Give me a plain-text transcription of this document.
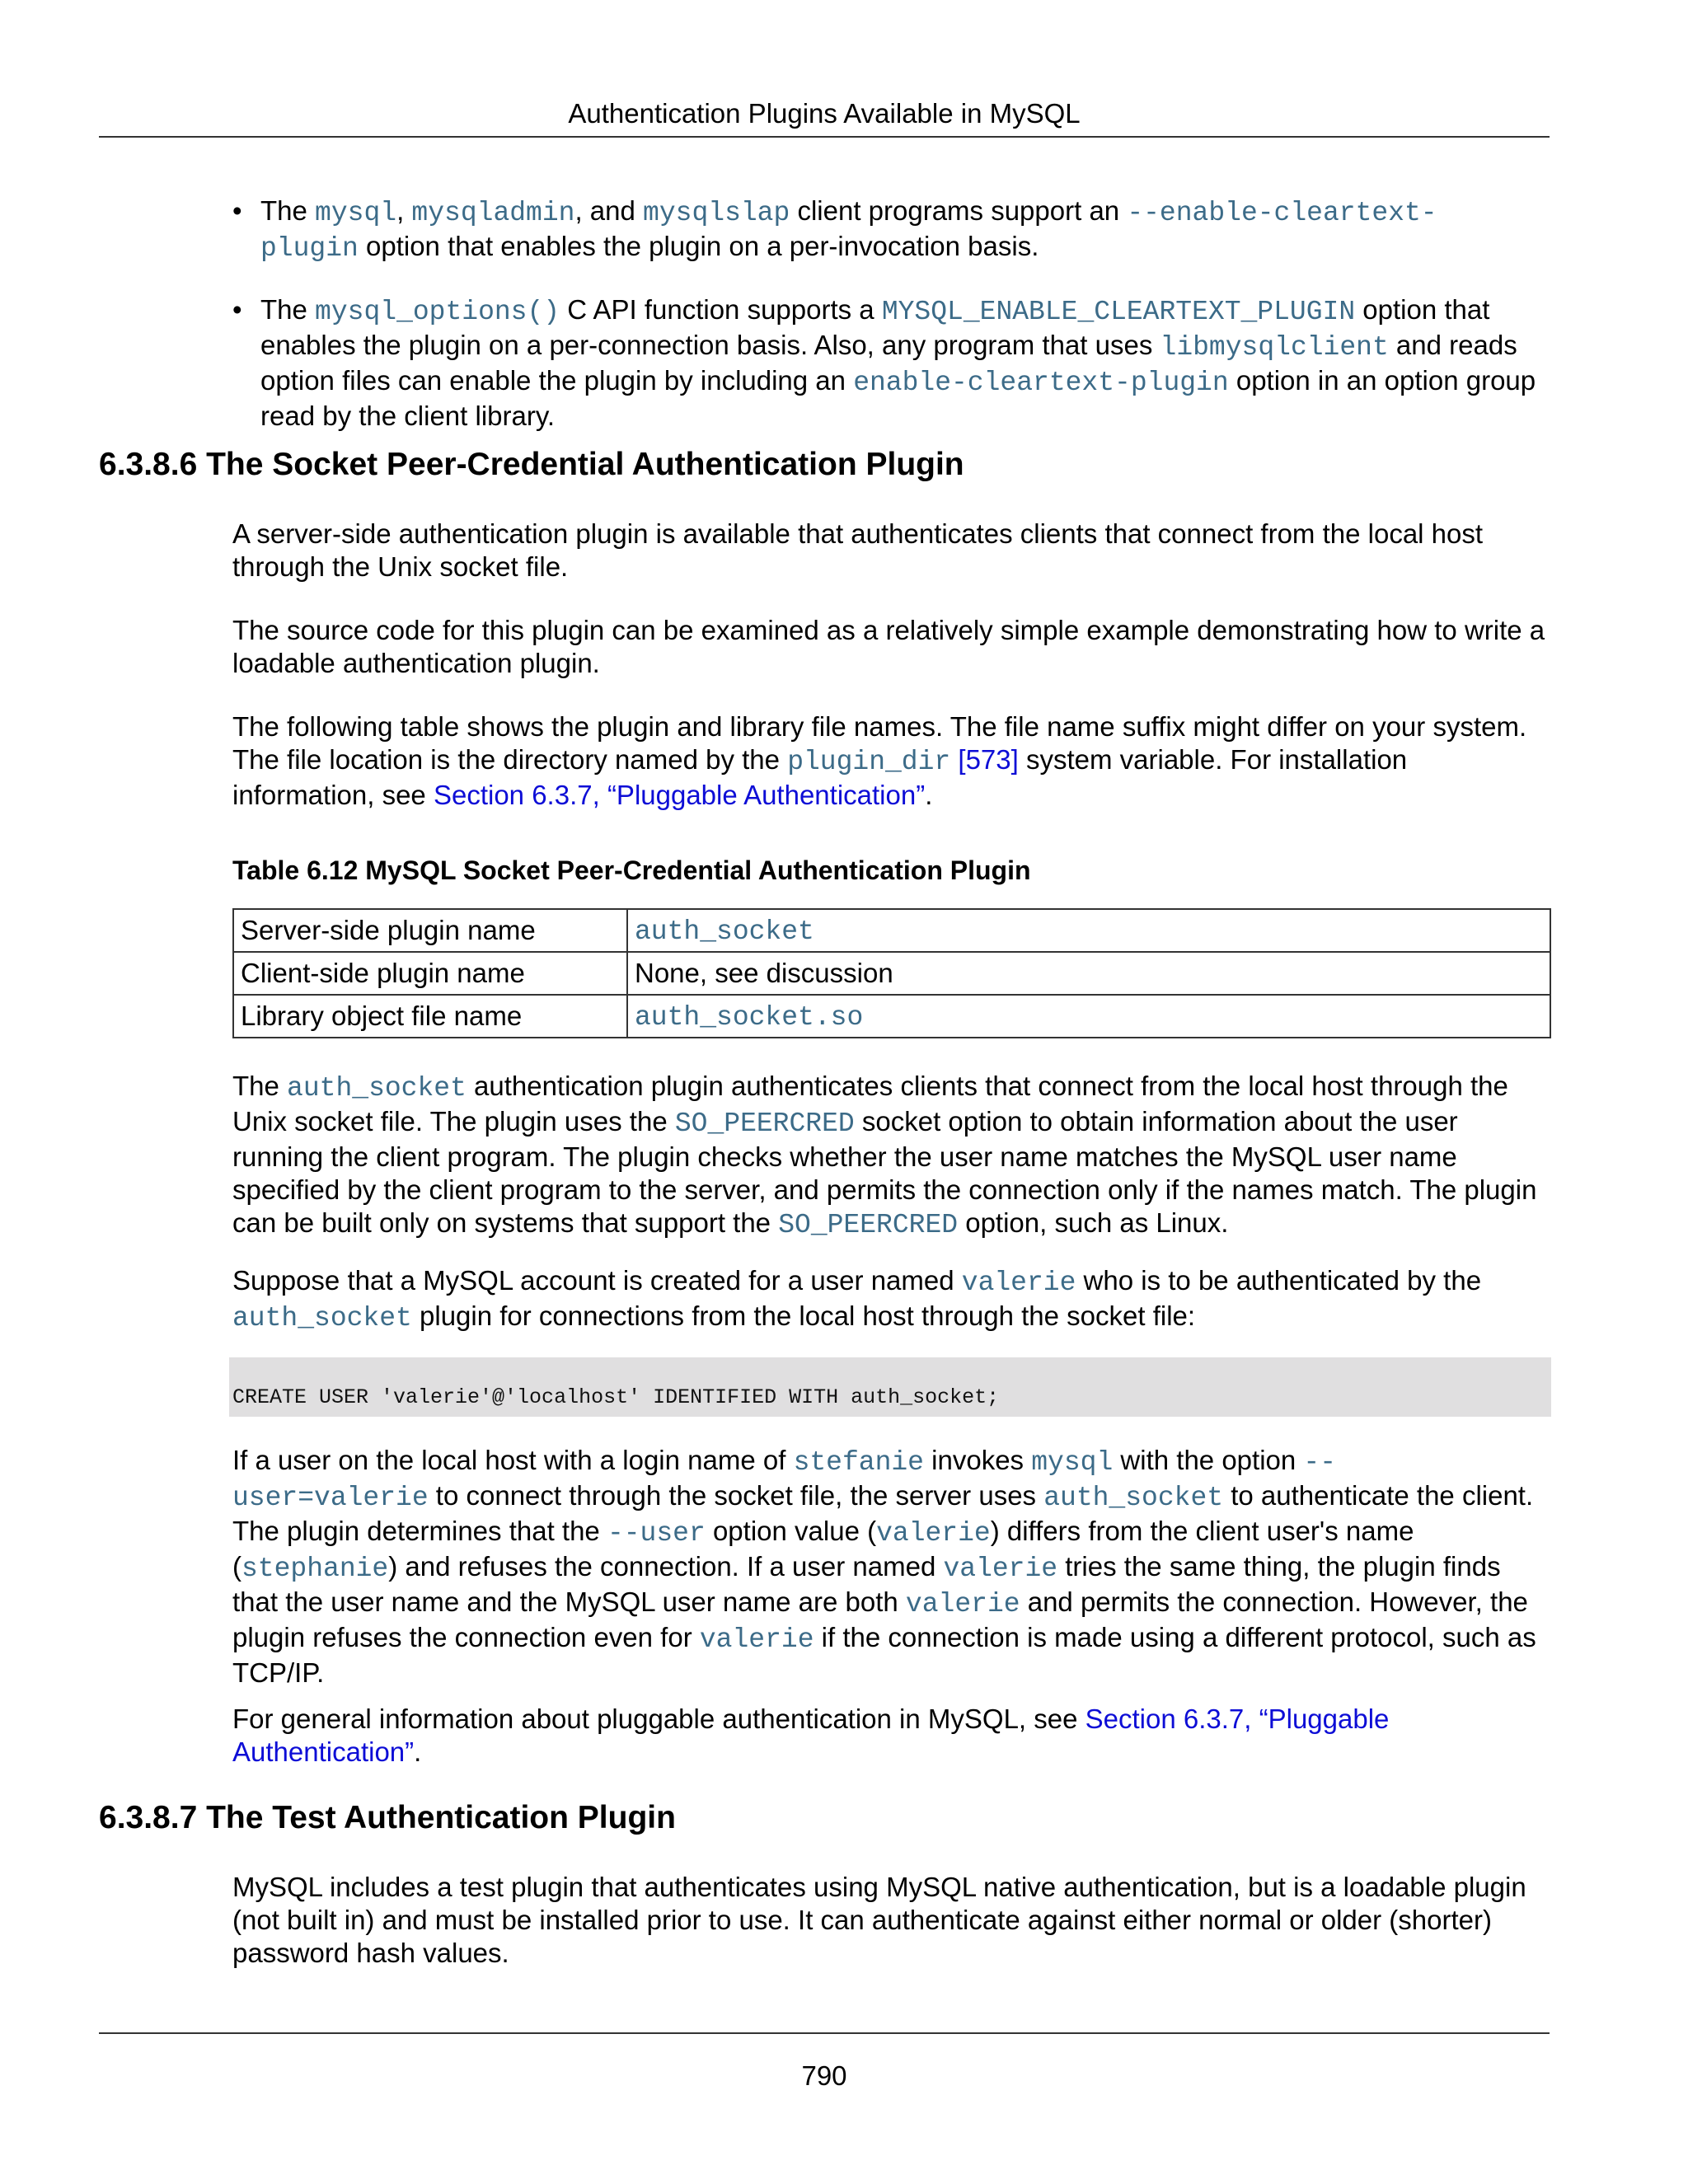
Authentication Plugins Available in MySQL
• The mysql, mysqladmin, and mysqlslap client programs support an --enable-cleartext-
plugin option that enables the plugin on a per-invocation basis.
• The mysql_options() C API function supports a MYSQL_ENABLE_CLEARTEXT_PLUGIN option that enables the plugin on a per-connection basis. Also, any program that uses libmysqlclient and reads option files can enable the plugin by including an enable-cleartext-plugin option in an option group read by the client library.
6.3.8.6 The Socket Peer-Credential Authentication Plugin

A server-side authentication plugin is available that authenticates clients that connect from the local host through the Unix socket file.

The source code for this plugin can be examined as a relatively simple example demonstrating how to write a loadable authentication plugin.

The following table shows the plugin and library file names. The file name suffix might differ on your system. The file location is the directory named by the plugin_dir [573] system variable. For installation information, see Section 6.3.7, “Pluggable Authentication”.

Table 6.12 MySQL Socket Peer-Credential Authentication Plugin
Server-side plugin name	auth_socket
Client-side plugin name	None, see discussion
Library object file name	auth_socket.so

The auth_socket authentication plugin authenticates clients that connect from the local host through the Unix socket file. The plugin uses the SO_PEERCRED socket option to obtain information about the user running the client program. The plugin checks whether the user name matches the MySQL user name specified by the client program to the server, and permits the connection only if the names match. The plugin can be built only on systems that support the SO_PEERCRED option, such as Linux.

Suppose that a MySQL account is created for a user named valerie who is to be authenticated by the
auth_socket plugin for connections from the local host through the socket file:

CREATE USER 'valerie'@'localhost' IDENTIFIED WITH auth_socket;

If a user on the local host with a login name of stefanie invokes mysql with the option --
user=valerie to connect through the socket file, the server uses auth_socket to authenticate the client. The plugin determines that the --user option value (valerie) differs from the client user's name (stephanie) and refuses the connection. If a user named valerie tries the same thing, the plugin finds that the user name and the MySQL user name are both valerie and permits the connection. However, the plugin refuses the connection even for valerie if the connection is made using a different protocol, such as TCP/IP.

For general information about pluggable authentication in MySQL, see Section 6.3.7, “Pluggable Authentication”.

6.3.8.7 The Test Authentication Plugin

MySQL includes a test plugin that authenticates using MySQL native authentication, but is a loadable plugin (not built in) and must be installed prior to use. It can authenticate against either normal or older (shorter) password hash values.

790
